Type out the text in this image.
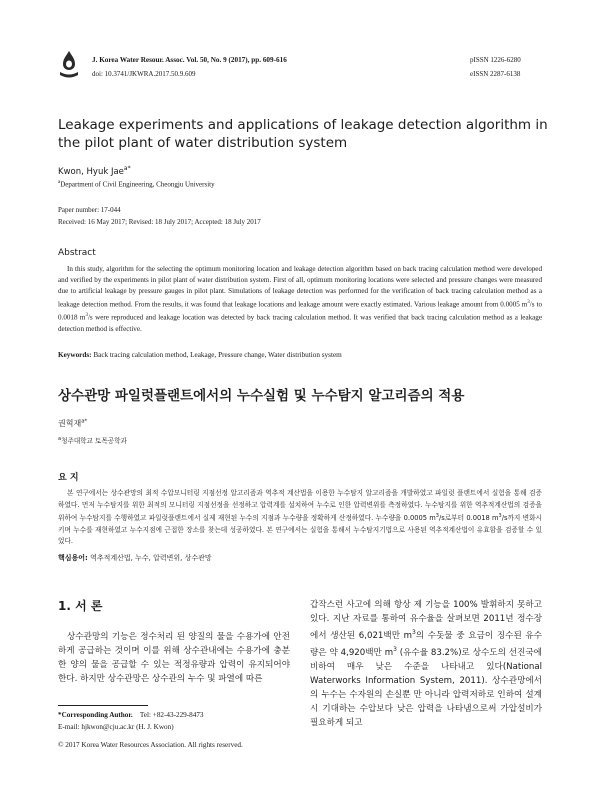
J. Korea Water Resour. Assoc. Vol. 50, No. 9 (2017), pp. 609-616
doi: 10.3741/JKWRA.2017.50.9.609
pISSN 1226-6280
eISSN 2287-6138
Leakage experiments and applications of leakage detection algorithm in the pilot plant of water distribution system
Kwon, Hyuk Jae$^{a*}$
$^a$Department of Civil Engineering, Cheongju University
Paper number: 17-044
Received: 16 May 2017; Revised: 18 July 2017; Accepted: 18 July 2017
Abstract
In this study, algorithm for the selecting the optimum monitoring location and leakage detection algorithm based on back tracing calculation method were developed and verified by the experiments in pilot plant of water distribution system. First of all, optimum monitoring locations were selected and pressure changes were measured due to artificial leakage by pressure gauges in pilot plant. Simulations of leakage detection was performed for the verification of back tracing calculation method as a leakage detection method. From the results, it was found that leakage locations and leakage amount were exactly estimated. Various leakage amount from 0.0005 $m^3/s$ to 0.0018 $m^3/s$ were reproduced and leakage location was detected by back tracing calculation method. It was verified that back tracing calculation method as a leakage detection method is effective.
Keywords: Back tracing calculation method, Leakage, Pressure change, Water distribution system
상수관망 파일럿플랜트에서의 누수실험 및 누수탐지 알고리즘의 적용
권혁재$^{a*}$
$^a$청주대학교 토목공학과
요 지
본 연구에서는 상수관망의 최적 수압모니터링 지점선정 알고리즘과 역추적 계산법을 이용한 누수탐지 알고리즘을 개발하였고 파일럿 플랜트에서 실험을 통해 검증하였다. 먼저 누수탐지를 위한 최적의 모니터링 지점선정을 선정하고 압력계를 설치하여 누수로 인한 압력변위를 측정하였다. 누수탐지를 위한 역추적계산법의 검증을 위하여 누수탐지를 수행하였고 파일럿플랜트에서 실제 재현된 누수의 지점과 누수량을 정확하게 산정하였다. 누수량을 0.0005 $m^3/s$로부터 0.0018 $m^3/s$까지 변화시키며 누수를 재현하였고 누수지점에 근접한 장소를 찾는데 성공하였다. 본 연구에서는 실험을 통해서 누수탐지기법으로 사용된 역추적계산법이 유효함을 검증할 수 있었다.
핵심용어: 역추적계산법, 누수, 압력변위, 상수관망
1. 서 론
상수관망의 기능은 정수처리 된 양질의 물을 수용가에 안전하게 공급하는 것이며 이를 위해 상수관내에는 수용가에 충분한 양의 물을 공급할 수 있는 적정유량과 압력이 유지되어야 한다. 하지만 상수관망은 상수관의 누수 및 파열에 따른
갑작스런 사고에 의해 항상 제 기능을 100% 발휘하지 못하고 있다. 지난 자료를 통하여 유수율을 살펴보면 2011년 정수장에서 생산된 6,021백만 $m^3$의 수돗물 중 요금이 징수된 유수량은 약 4,920백만 $m^3$ (유수율 83.2%)로 상수도의 선진국에 비하여 매우 낮은 수준을 나타내고 있다(National Waterworks Information System, 2011). 상수관망에서의 누수는 수자원의 손실뿐 만 아니라 압력저하로 인하여 설계 시 기대하는 수압보다 낮은 압력을 나타냄으로써 가압설비가 필요하게 되고
*Corresponding Author. Tel: +82-43-229-8473
E-mail: hjkwon@cju.ac.kr (H. J. Kwon)
© 2017 Korea Water Resources Association. All rights reserved.
